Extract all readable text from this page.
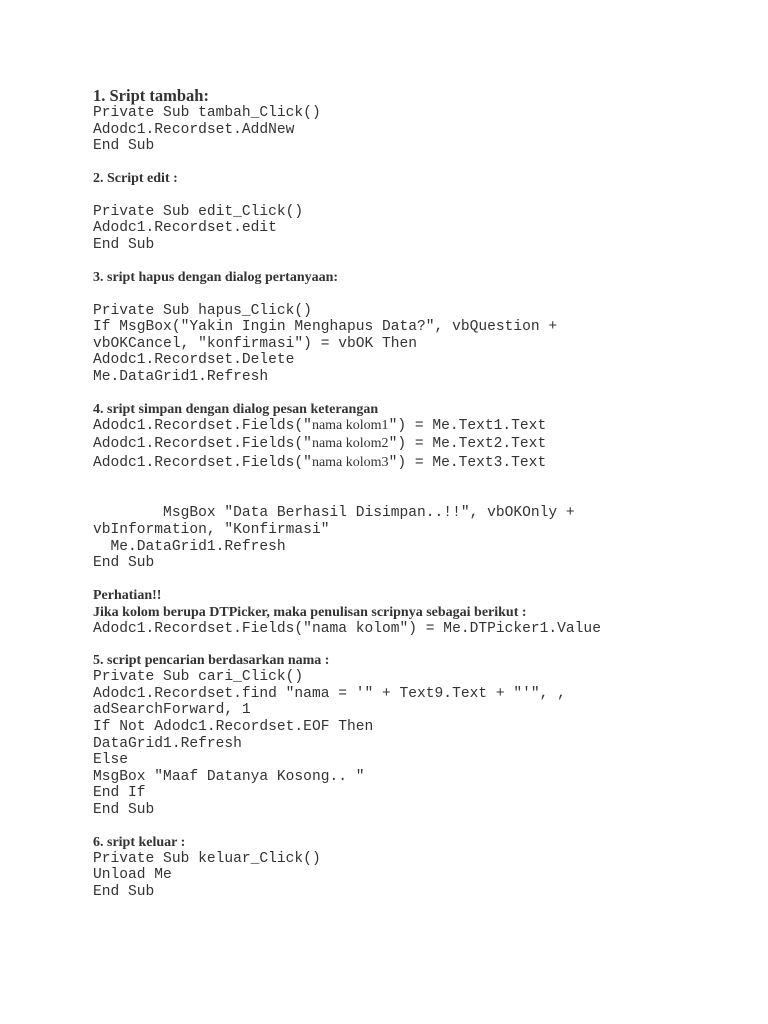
1. Sript tambah:
Private Sub tambah_Click()
Adodc1.Recordset.AddNew
End Sub
2. Script edit :
Private Sub edit_Click()
Adodc1.Recordset.edit
End Sub
3. sript hapus dengan dialog pertanyaan:
Private Sub hapus_Click()
If MsgBox("Yakin Ingin Menghapus Data?", vbQuestion +
vbOKCancel, "konfirmasi") = vbOK Then
Adodc1.Recordset.Delete
Me.DataGrid1.Refresh
4. sript simpan dengan dialog pesan keterangan
Adodc1.Recordset.Fields("nama kolom1") = Me.Text1.Text
Adodc1.Recordset.Fields("nama kolom2") = Me.Text2.Text
Adodc1.Recordset.Fields("nama kolom3") = Me.Text3.Text
MsgBox "Data Berhasil Disimpan..!!", vbOKOnly +
vbInformation, "Konfirmasi"
Me.DataGrid1.Refresh
End Sub
Perhatian!!
Jika kolom berupa DTPicker, maka penulisan scripnya sebagai berikut :
Adodc1.Recordset.Fields("nama kolom") = Me.DTPicker1.Value
5. script pencarian berdasarkan nama :
Private Sub cari_Click()
Adodc1.Recordset.find "nama = '" + Text9.Text + "'", ,
adSearchForward, 1
If Not Adodc1.Recordset.EOF Then
DataGrid1.Refresh
Else
MsgBox "Maaf Datanya Kosong.. "
End If
End Sub
6. sript keluar :
Private Sub keluar_Click()
Unload Me
End Sub
